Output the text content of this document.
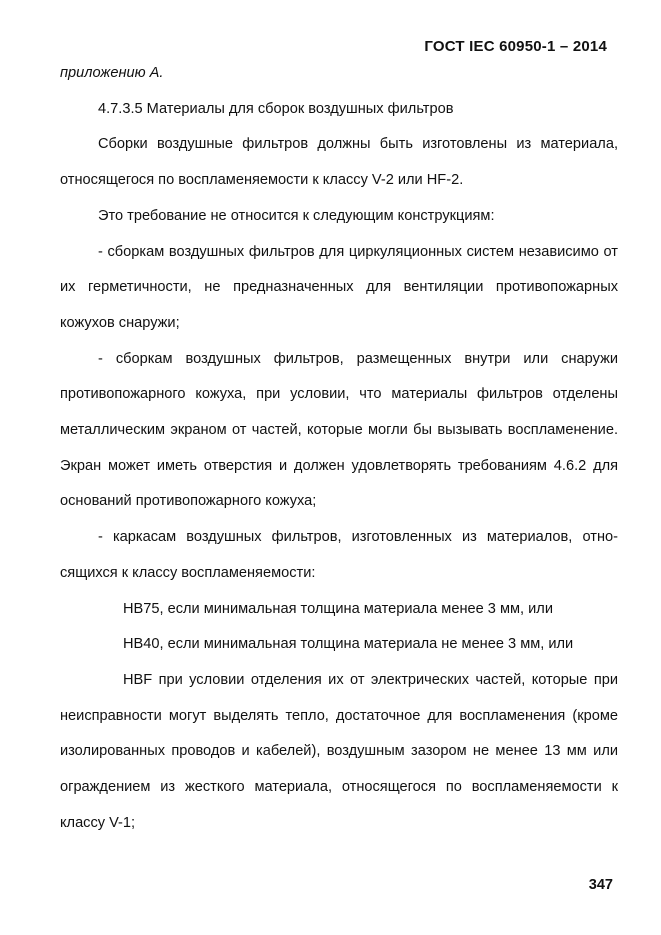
ГОСТ IEC 60950-1 – 2014

приложению А.

4.7.3.5 Материалы для сборок воздушных фильтров

Сборки воздушные фильтров должны быть изготовлены из материала, относящегося по воспламеняемости к классу V-2 или HF-2.

Это требование не относится к следующим конструкциям:

- сборкам воздушных фильтров для циркуляционных систем независимо от их герметичности, не предназначенных для вентиляции противопожарных кожухов снаружи;

- сборкам воздушных фильтров, размещенных внутри или снаружи противопожарного кожуха, при условии, что материалы фильтров отделены металлическим экраном от частей, которые могли бы вызывать воспламенение. Экран может иметь отверстия и должен удовлетворять требованиям 4.6.2 для оснований противопожарного кожуха;

- каркасам воздушных фильтров, изготовленных из материалов, относящихся к классу воспламеняемости:

HB75, если минимальная толщина материала менее 3 мм, или

HB40, если минимальная толщина материала не менее 3 мм, или

HBF при условии отделения их от электрических частей, которые при неисправности могут выделять тепло, достаточное для воспламенения (кроме изолированных проводов и кабелей), воздушным зазором не менее 13 мм или ограждением из жесткого материала, относящегося по воспламеняемости к классу V-1;

347
